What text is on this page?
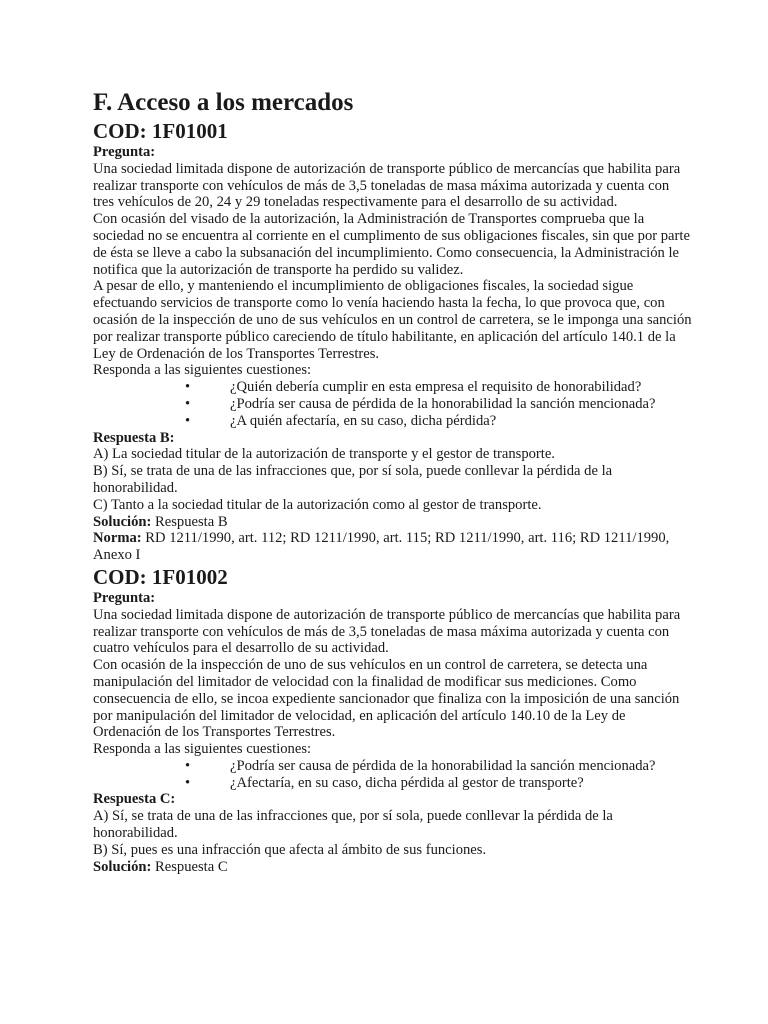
F. Acceso a los mercados

COD: 1F01001

Pregunta:

Una sociedad limitada dispone de autorización de transporte público de mercancías que habilita para realizar transporte con vehículos de más de 3,5 toneladas de masa máxima autorizada y cuenta con tres vehículos de 20, 24 y 29 toneladas respectivamente para el desarrollo de su actividad.

Con ocasión del visado de la autorización, la Administración de Transportes comprueba que la sociedad no se encuentra al corriente en el cumplimento de sus obligaciones fiscales, sin que por parte de ésta se lleve a cabo la subsanación del incumplimiento. Como consecuencia, la Administración le notifica que la autorización de transporte ha perdido su validez.

A pesar de ello, y manteniendo el incumplimiento de obligaciones fiscales, la sociedad sigue efectuando servicios de transporte como lo venía haciendo hasta la fecha, lo que provoca que, con ocasión de la inspección de uno de sus vehículos en un control de carretera, se le imponga una sanción por realizar transporte público careciendo de título habilitante, en aplicación del artículo 140.1 de la Ley de Ordenación de los Transportes Terrestres.

Responda a las siguientes cuestiones:

•	¿Quién debería cumplir en esta empresa el requisito de honorabilidad?

•	¿Podría ser causa de pérdida de la honorabilidad la sanción mencionada?

•	¿A quién afectaría, en su caso, dicha pérdida?

Respuesta B:

A) La sociedad titular de la autorización de transporte y el gestor de transporte.

B) Sí, se trata de una de las infracciones que, por sí sola, puede conllevar la pérdida de la honorabilidad.

C) Tanto a la sociedad titular de la autorización como al gestor de transporte.

Solución: Respuesta B

Norma: RD 1211/1990, art. 112; RD 1211/1990, art. 115; RD 1211/1990, art. 116; RD 1211/1990, Anexo I

COD: 1F01002

Pregunta:

Una sociedad limitada dispone de autorización de transporte público de mercancías que habilita para realizar transporte con vehículos de más de 3,5 toneladas de masa máxima autorizada y cuenta con cuatro vehículos para el desarrollo de su actividad.

Con ocasión de la inspección de uno de sus vehículos en un control de carretera, se detecta una manipulación del limitador de velocidad con la finalidad de modificar sus mediciones. Como consecuencia de ello, se incoa expediente sancionador que finaliza con la imposición de una sanción por manipulación del limitador de velocidad, en aplicación del artículo 140.10 de la Ley de Ordenación de los Transportes Terrestres.

Responda a las siguientes cuestiones:

•	¿Podría ser causa de pérdida de la honorabilidad la sanción mencionada?

•	¿Afectaría, en su caso, dicha pérdida al gestor de transporte?

Respuesta C:

A) Sí, se trata de una de las infracciones que, por sí sola, puede conllevar la pérdida de la honorabilidad.

B) Sí, pues es una infracción que afecta al ámbito de sus funciones.

Solución: Respuesta C
